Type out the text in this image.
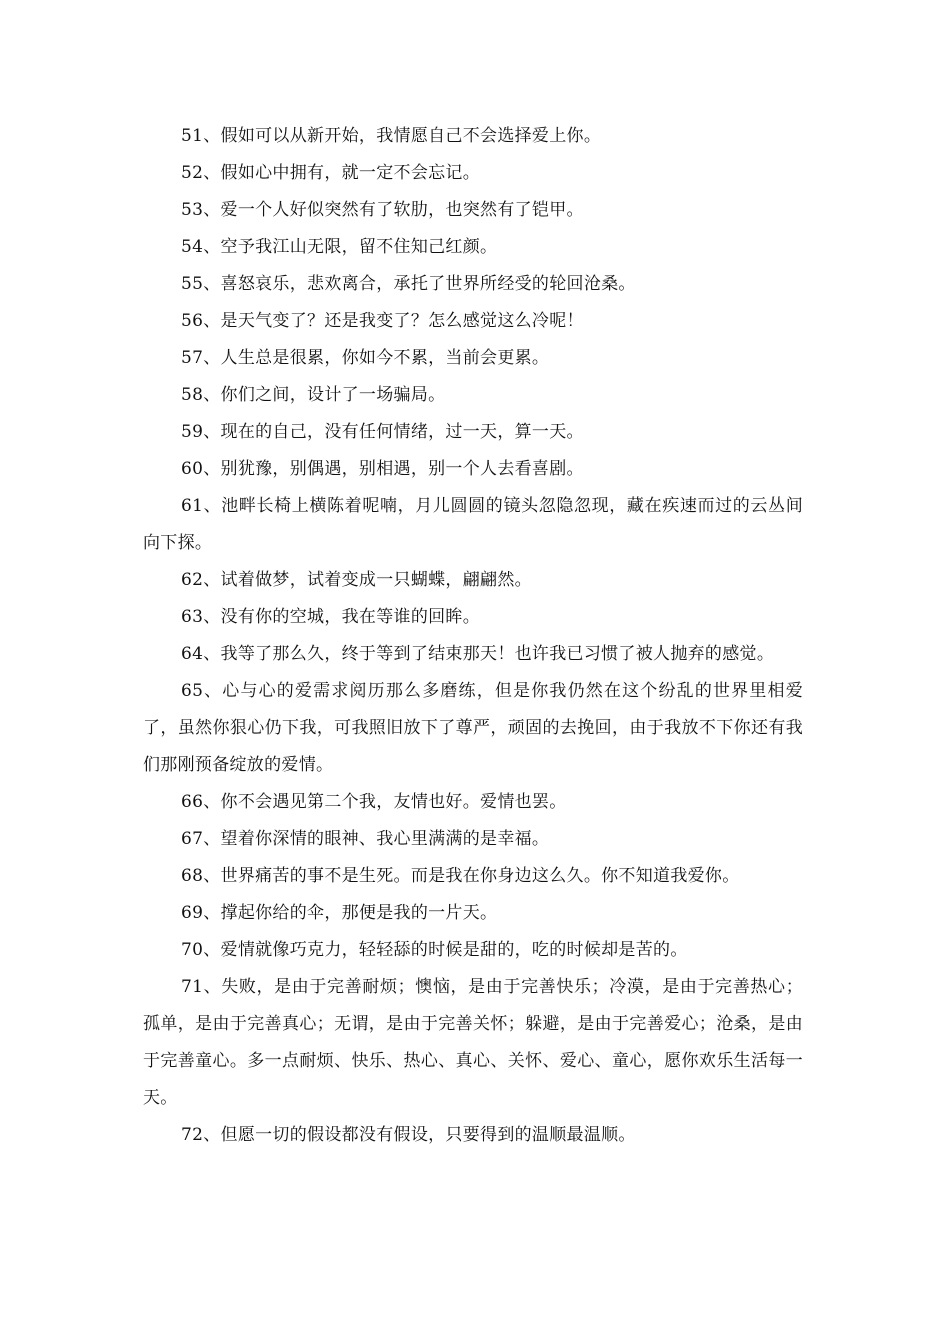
51、假如可以从新开始，我情愿自己不会选择爱上你。

52、假如心中拥有，就一定不会忘记。

53、爱一个人好似突然有了软肋，也突然有了铠甲。

54、空予我江山无限，留不住知己红颜。

55、喜怒哀乐，悲欢离合，承托了世界所经受的轮回沧桑。

56、是天气变了？还是我变了？怎么感觉这么冷呢！

57、人生总是很累，你如今不累，当前会更累。

58、你们之间，设计了一场骗局。

59、现在的自己，没有任何情绪，过一天，算一天。

60、别犹豫，别偶遇，别相遇，别一个人去看喜剧。

61、池畔长椅上横陈着呢喃，月儿圆圆的镜头忽隐忽现，藏在疾速而过的云丛间向下探。

62、试着做梦，试着变成一只蝴蝶，翩翩然。

63、没有你的空城，我在等谁的回眸。

64、我等了那么久，终于等到了结束那天！也许我已习惯了被人抛弃的感觉。

65、心与心的爱需求阅历那么多磨练，但是你我仍然在这个纷乱的世界里相爱了，虽然你狠心仍下我，可我照旧放下了尊严，顽固的去挽回，由于我放不下你还有我们那刚预备绽放的爱情。

66、你不会遇见第二个我，友情也好。爱情也罢。

67、望着你深情的眼神、我心里满满的是幸福。

68、世界痛苦的事不是生死。而是我在你身边这么久。你不知道我爱你。

69、撑起你给的伞，那便是我的一片天。

70、爱情就像巧克力，轻轻舔的时候是甜的，吃的时候却是苦的。

71、失败，是由于完善耐烦；懊恼，是由于完善快乐；冷漠，是由于完善热心；孤单，是由于完善真心；无谓，是由于完善关怀；躲避，是由于完善爱心；沧桑，是由于完善童心。多一点耐烦、快乐、热心、真心、关怀、爱心、童心，愿你欢乐生活每一天。

72、但愿一切的假设都没有假设，只要得到的温顺最温顺。
